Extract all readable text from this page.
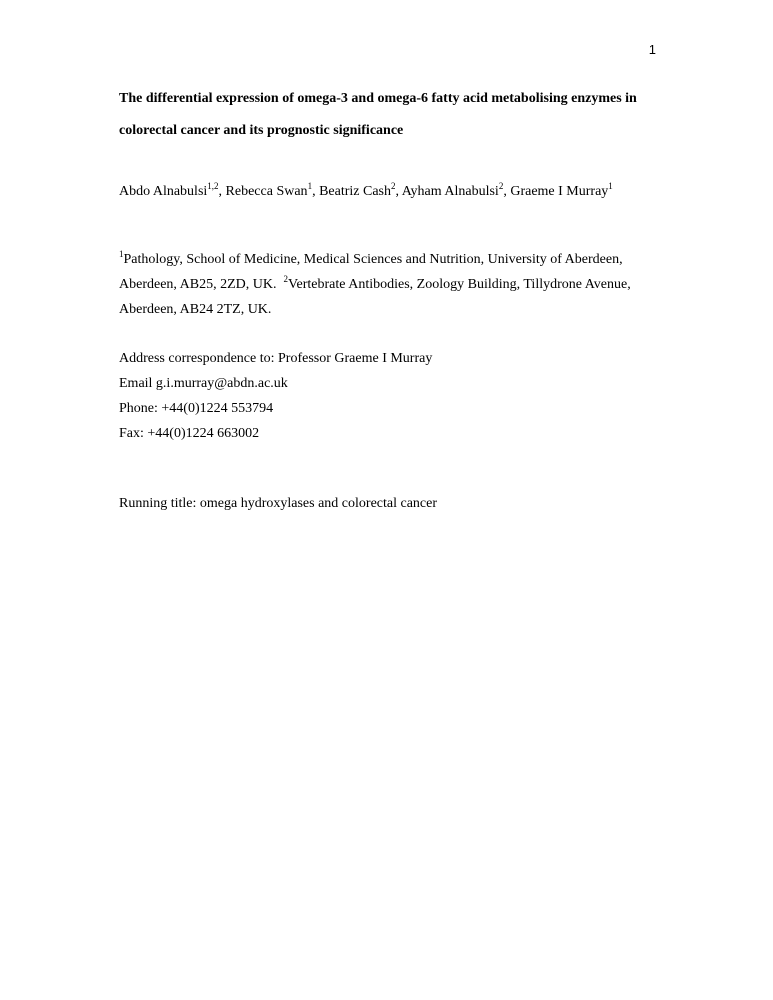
1
The differential expression of omega-3 and omega-6 fatty acid metabolising enzymes in
colorectal cancer and its prognostic significance
Abdo Alnabulsi$^{1,2}$, Rebecca Swan$^1$, Beatriz Cash$^2$, Ayham Alnabulsi$^2$, Graeme I Murray$^1$
$^1$Pathology, School of Medicine, Medical Sciences and Nutrition, University of Aberdeen,
Aberdeen, AB25, 2ZD, UK. $^2$Vertebrate Antibodies, Zoology Building, Tillydrone Avenue,
Aberdeen, AB24 2TZ, UK.
Address correspondence to: Professor Graeme I Murray
Email g.i.murray@abdn.ac.uk
Phone: +44(0)1224 553794
Fax: +44(0)1224 663002
Running title: omega hydroxylases and colorectal cancer
